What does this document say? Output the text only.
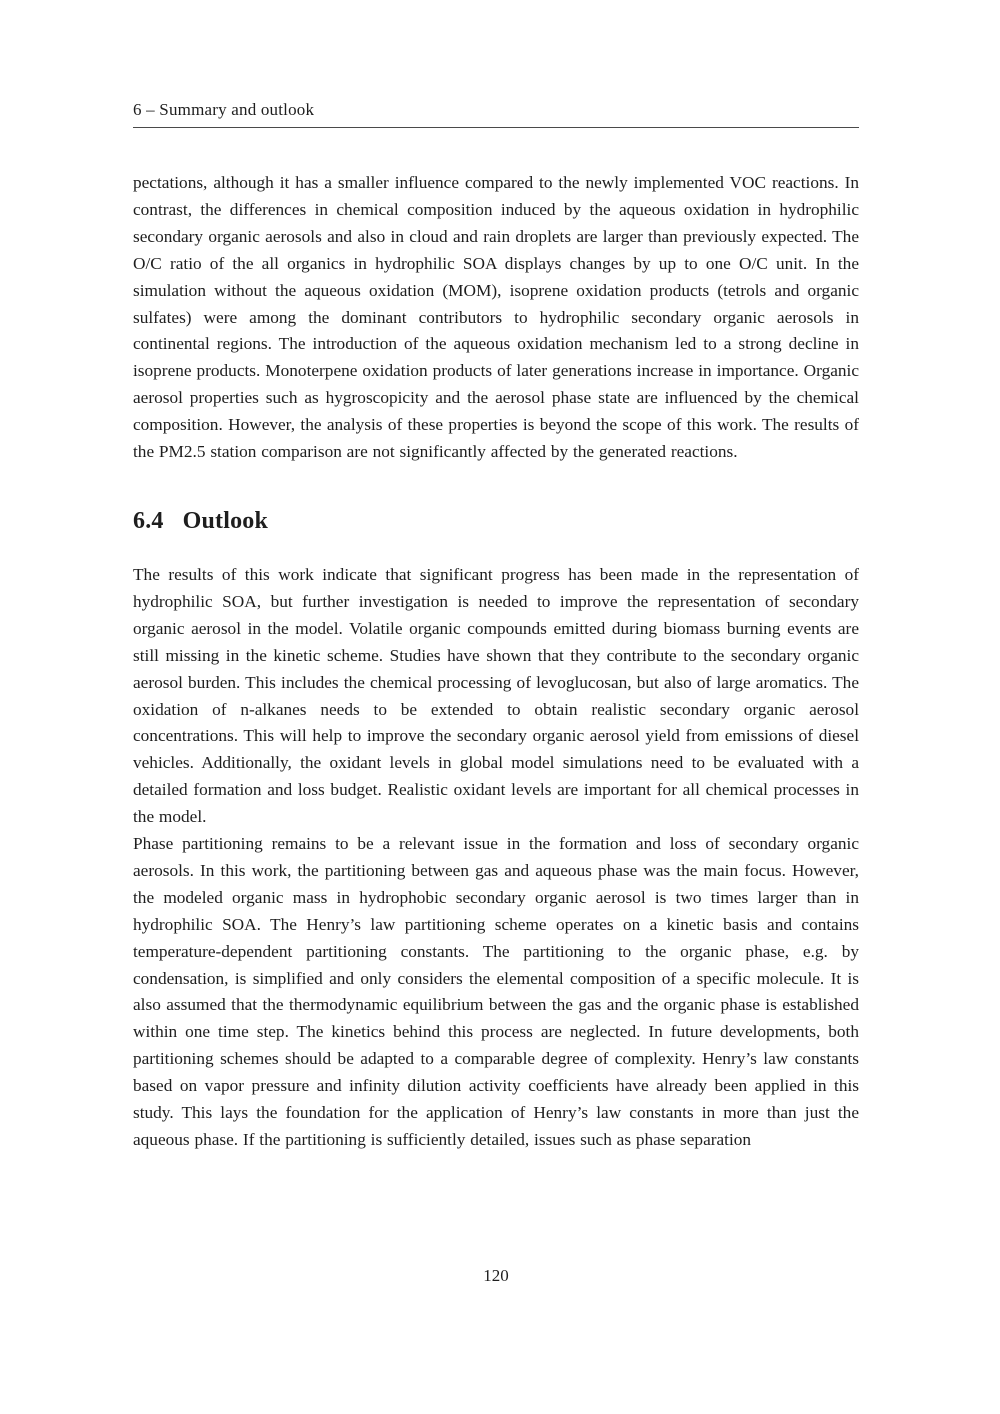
6 – Summary and outlook

pectations, although it has a smaller influence compared to the newly implemented VOC reactions. In contrast, the differences in chemical composition induced by the aqueous oxidation in hydrophilic secondary organic aerosols and also in cloud and rain droplets are larger than previously expected. The O/C ratio of the all organics in hydrophilic SOA displays changes by up to one O/C unit. In the simulation without the aqueous oxidation (MOM), isoprene oxidation products (tetrols and organic sulfates) were among the dominant contributors to hydrophilic secondary organic aerosols in continental regions. The introduction of the aqueous oxidation mechanism led to a strong decline in isoprene products. Monoterpene oxidation products of later generations increase in importance. Organic aerosol properties such as hygroscopicity and the aerosol phase state are influenced by the chemical composition. However, the analysis of these properties is beyond the scope of this work. The results of the PM2.5 station comparison are not significantly affected by the generated reactions.

6.4 Outlook

The results of this work indicate that significant progress has been made in the representation of hydrophilic SOA, but further investigation is needed to improve the representation of secondary organic aerosol in the model. Volatile organic compounds emitted during biomass burning events are still missing in the kinetic scheme. Studies have shown that they contribute to the secondary organic aerosol burden. This includes the chemical processing of levoglucosan, but also of large aromatics. The oxidation of n-alkanes needs to be extended to obtain realistic secondary organic aerosol concentrations. This will help to improve the secondary organic aerosol yield from emissions of diesel vehicles. Additionally, the oxidant levels in global model simulations need to be evaluated with a detailed formation and loss budget. Realistic oxidant levels are important for all chemical processes in the model.

Phase partitioning remains to be a relevant issue in the formation and loss of secondary organic aerosols. In this work, the partitioning between gas and aqueous phase was the main focus. However, the modeled organic mass in hydrophobic secondary organic aerosol is two times larger than in hydrophilic SOA. The Henry’s law partitioning scheme operates on a kinetic basis and contains temperature-dependent partitioning constants. The partitioning to the organic phase, e.g. by condensation, is simplified and only considers the elemental composition of a specific molecule. It is also assumed that the thermodynamic equilibrium between the gas and the organic phase is established within one time step. The kinetics behind this process are neglected. In future developments, both partitioning schemes should be adapted to a comparable degree of complexity. Henry’s law constants based on vapor pressure and infinity dilution activity coefficients have already been applied in this study. This lays the foundation for the application of Henry’s law constants in more than just the aqueous phase. If the partitioning is sufficiently detailed, issues such as phase separation

120
